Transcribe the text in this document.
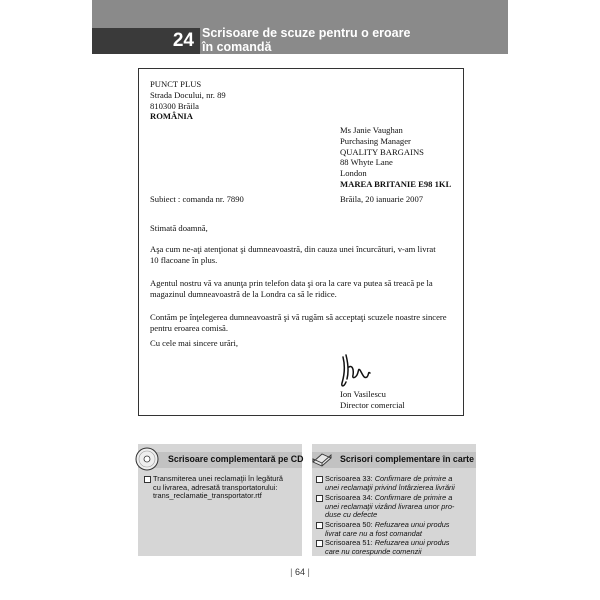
24 Scrisoare de scuze pentru o eroare
în comandă
PUNCT PLUS
Strada Docului, nr. 89
810300 Brăila
ROMÂNIA
Ms Janie Vaughan
Purchasing Manager
QUALITY BARGAINS
88 Whyte Lane
London
MAREA BRITANIE E98 1KL
Subiect : comanda nr. 7890	Brăila, 20 ianuarie 2007
Stimată doamnă,
Aşa cum ne-aţi atenţionat şi dumneavoastră, din cauza unei încurcături, v-am livrat
10 flacoane în plus.
Agentul nostru vă va anunţa prin telefon data şi ora la care va putea să treacă pe la
magazinul dumneavoastră de la Londra ca să le ridice.
Contăm pe înţelegerea dumneavoastră şi vă rugăm să acceptaţi scuzele noastre sincere
pentru eroarea comisă.
Cu cele mai sincere urări,
Ion Vasilescu
Director comercial
Scrisoare complementară pe CD
Transmiterea unei reclamaţii în legătură
cu livrarea, adresată transportatorului:
trans_reclamatie_transportator.rtf
Scrisori complementare în carte
Scrisoarea 33: Confirmare de primire a
unei reclamaţii privind întârzierea livrării
Scrisoarea 34: Confirmare de primire a
unei reclamaţii vizând livrarea unor pro-
duse cu defecte
Scrisoarea 50: Refuzarea unui produs
livrat care nu a fost comandat
Scrisoarea 51: Refuzarea unui produs
care nu corespunde comenzii
| 64 |
